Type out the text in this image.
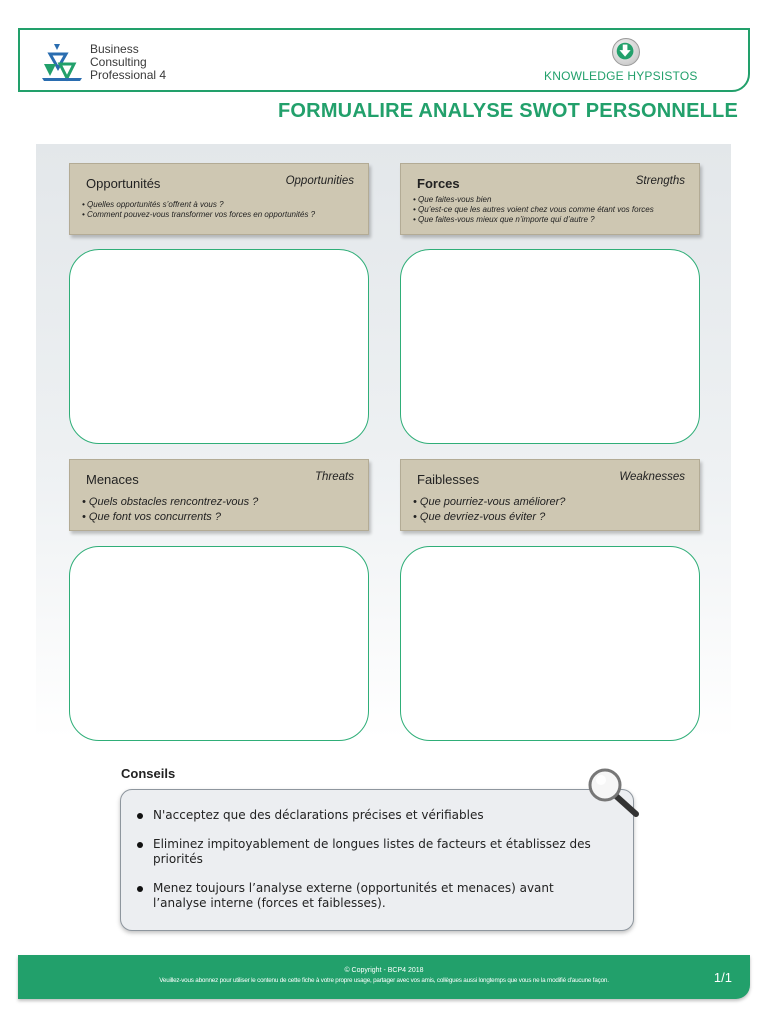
Business
Consulting
Professional 4	KNOWLEDGE HYPSISTOS
FORMUALIRE ANALYSE SWOT PERSONNELLE
Opportunités	Opportunities
• Quelles opportunités s’offrent à vous ?
• Comment pouvez-vous transformer vos forces en opportunités ?
Forces	Strengths
• Que faites-vous bien
• Qu’est-ce que les autres voient chez vous comme étant vos forces
• Que faites-vous mieux que n’importe qui d’autre ?
Menaces	Threats
• Quels obstacles rencontrez-vous ?
• Que font vos concurrents ?
Faiblesses	Weaknesses
• Que pourriez-vous améliorer?
• Que devriez-vous éviter ?
Conseils
N'acceptez que des déclarations précises et vérifiables
Eliminez impitoyablement de longues listes de facteurs et établissez des priorités
Menez toujours l’analyse externe (opportunités et menaces) avant l’analyse interne (forces et faiblesses).
© Copyright - BCP4 2018
Veuillez-vous abonnez pour utiliser le contenu de cette fiche à votre propre usage, partager avec vos amis, collègues aussi longtemps que vous ne la modifié d'aucune façon.	1/1
